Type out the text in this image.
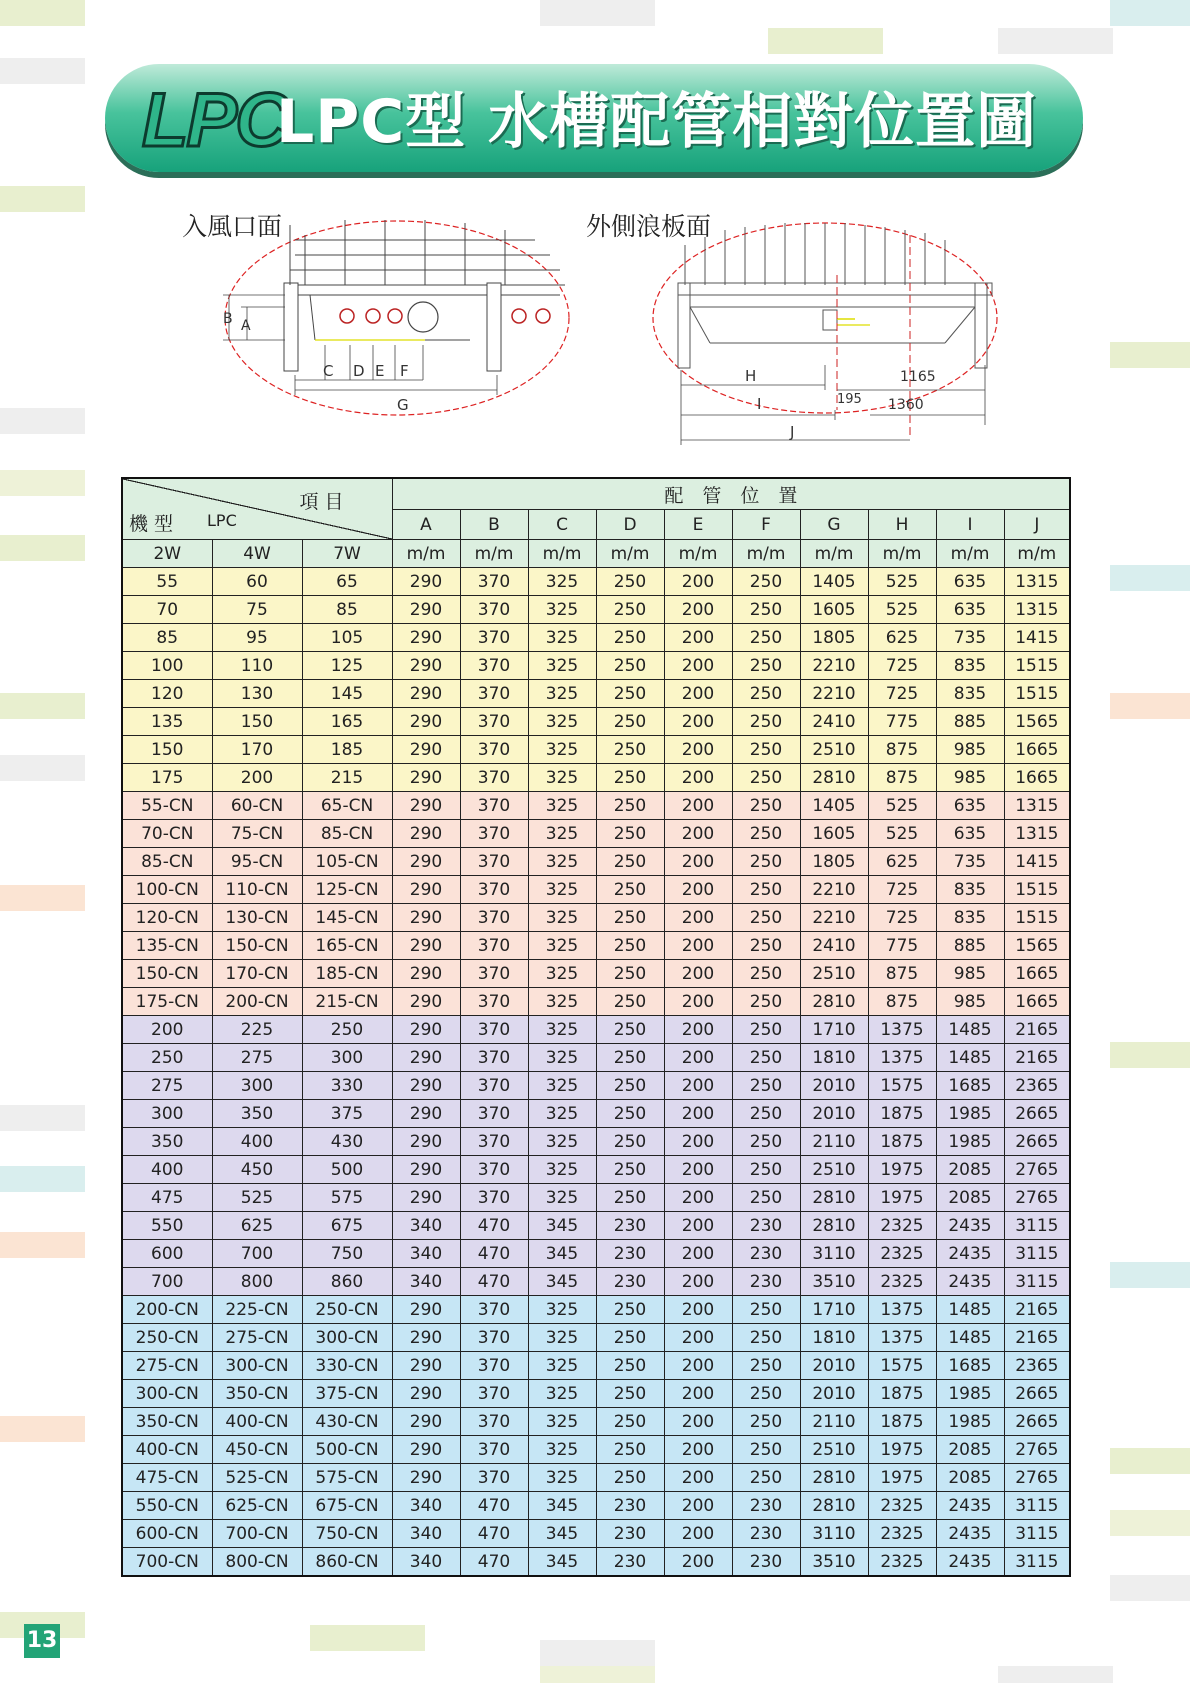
LPC
LPC型 水槽配管相對位置圖
入風口面	外側浪板面
B A
C D E F
G
H	1165
195
I	1360
J
項 目
機 型 LPC			配　管　位　置									
			A	B	C	D	E	F	G	H	I	J
2W	4W	7W	m/m	m/m	m/m	m/m	m/m	m/m	m/m	m/m	m/m	m/m
55	60	65	290	370	325	250	200	250	1405	525	635	1315
70	75	85	290	370	325	250	200	250	1605	525	635	1315
85	95	105	290	370	325	250	200	250	1805	625	735	1415
100	110	125	290	370	325	250	200	250	2210	725	835	1515
120	130	145	290	370	325	250	200	250	2210	725	835	1515
135	150	165	290	370	325	250	200	250	2410	775	885	1565
150	170	185	290	370	325	250	200	250	2510	875	985	1665
175	200	215	290	370	325	250	200	250	2810	875	985	1665
55-CN	60-CN	65-CN	290	370	325	250	200	250	1405	525	635	1315
70-CN	75-CN	85-CN	290	370	325	250	200	250	1605	525	635	1315
85-CN	95-CN	105-CN	290	370	325	250	200	250	1805	625	735	1415
100-CN	110-CN	125-CN	290	370	325	250	200	250	2210	725	835	1515
120-CN	130-CN	145-CN	290	370	325	250	200	250	2210	725	835	1515
135-CN	150-CN	165-CN	290	370	325	250	200	250	2410	775	885	1565
150-CN	170-CN	185-CN	290	370	325	250	200	250	2510	875	985	1665
175-CN	200-CN	215-CN	290	370	325	250	200	250	2810	875	985	1665
200	225	250	290	370	325	250	200	250	1710	1375	1485	2165
250	275	300	290	370	325	250	200	250	1810	1375	1485	2165
275	300	330	290	370	325	250	200	250	2010	1575	1685	2365
300	350	375	290	370	325	250	200	250	2010	1875	1985	2665
350	400	430	290	370	325	250	200	250	2110	1875	1985	2665
400	450	500	290	370	325	250	200	250	2510	1975	2085	2765
475	525	575	290	370	325	250	200	250	2810	1975	2085	2765
550	625	675	340	470	345	230	200	230	2810	2325	2435	3115
600	700	750	340	470	345	230	200	230	3110	2325	2435	3115
700	800	860	340	470	345	230	200	230	3510	2325	2435	3115
200-CN	225-CN	250-CN	290	370	325	250	200	250	1710	1375	1485	2165
250-CN	275-CN	300-CN	290	370	325	250	200	250	1810	1375	1485	2165
275-CN	300-CN	330-CN	290	370	325	250	200	250	2010	1575	1685	2365
300-CN	350-CN	375-CN	290	370	325	250	200	250	2010	1875	1985	2665
350-CN	400-CN	430-CN	290	370	325	250	200	250	2110	1875	1985	2665
400-CN	450-CN	500-CN	290	370	325	250	200	250	2510	1975	2085	2765
475-CN	525-CN	575-CN	290	370	325	250	200	250	2810	1975	2085	2765
550-CN	625-CN	675-CN	340	470	345	230	200	230	2810	2325	2435	3115
600-CN	700-CN	750-CN	340	470	345	230	200	230	3110	2325	2435	3115
700-CN	800-CN	860-CN	340	470	345	230	200	230	3510	2325	2435	3115
13
